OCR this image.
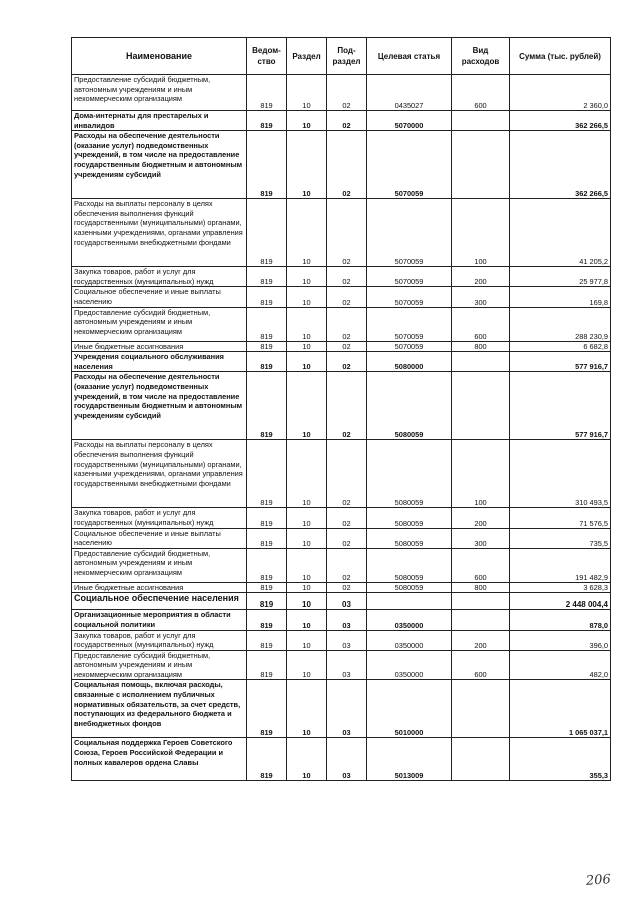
Наименование	Ведом-ство	Раздел	Под-раздел	Целевая статья	Вид расходов	Сумма (тыс. рублей)
Предоставление субсидий бюджетным, автономным учреждениям и иным некоммерческим организациям	819	10	02	0435027	600	2 360,0
Дома-интернаты для престарелых и инвалидов	819	10	02	5070000		362 266,5
Расходы на обеспечение деятельности (оказание услуг) подведомственных учреждений, в том числе на предоставление государственным бюджетным и автономным учреждениям субсидий	819	10	02	5070059		362 266,5
Расходы на выплаты персоналу в целях обеспечения выполнения функций государственными (муниципальными) органами, казенными учреждениями, органами управления государственными внебюджетными фондами	819	10	02	5070059	100	41 205,2
Закупка товаров, работ и услуг для государственных (муниципальных) нужд	819	10	02	5070059	200	25 977,8
Социальное обеспечение и иные выплаты населению	819	10	02	5070059	300	169,8
Предоставление субсидий бюджетным, автономным учреждениям и иным некоммерческим организациям	819	10	02	5070059	600	288 230,9
Иные бюджетные ассигнования	819	10	02	5070059	800	6 682,8
Учреждения социального обслуживания населения	819	10	02	5080000		577 916,7
Расходы на обеспечение деятельности (оказание услуг) подведомственных учреждений, в том числе на предоставление государственным бюджетным и автономным учреждениям субсидий	819	10	02	5080059		577 916,7
Расходы на выплаты персоналу в целях обеспечения выполнения функций государственными (муниципальными) органами, казенными учреждениями, органами управления государственными внебюджетными фондами	819	10	02	5080059	100	310 493,5
Закупка товаров, работ и услуг для государственных (муниципальных) нужд	819	10	02	5080059	200	71 576,5
Социальное обеспечение и иные выплаты населению	819	10	02	5080059	300	735,5
Предоставление субсидий бюджетным, автономным учреждениям и иным некоммерческим организациям	819	10	02	5080059	600	191 482,9
Иные бюджетные ассигнования	819	10	02	5080059	800	3 628,3
Социальное обеспечение населения	819	10	03			2 448 004,4
Организационные мероприятия в области социальной политики	819	10	03	0350000		878,0
Закупка товаров, работ и услуг для государственных (муниципальных) нужд	819	10	03	0350000	200	396,0
Предоставление субсидий бюджетным, автономным учреждениям и иным некоммерческим организациям	819	10	03	0350000	600	482,0
Социальная помощь, включая расходы, связанные с исполнением публичных нормативных обязательств, за счет средств, поступающих из федерального бюджета и внебюджетных фондов	819	10	03	5010000		1 065 037,1
Социальная поддержка Героев Советского Союза, Героев Российской Федерации и полных кавалеров ордена Славы	819	10	03	5013009		355,3
206
